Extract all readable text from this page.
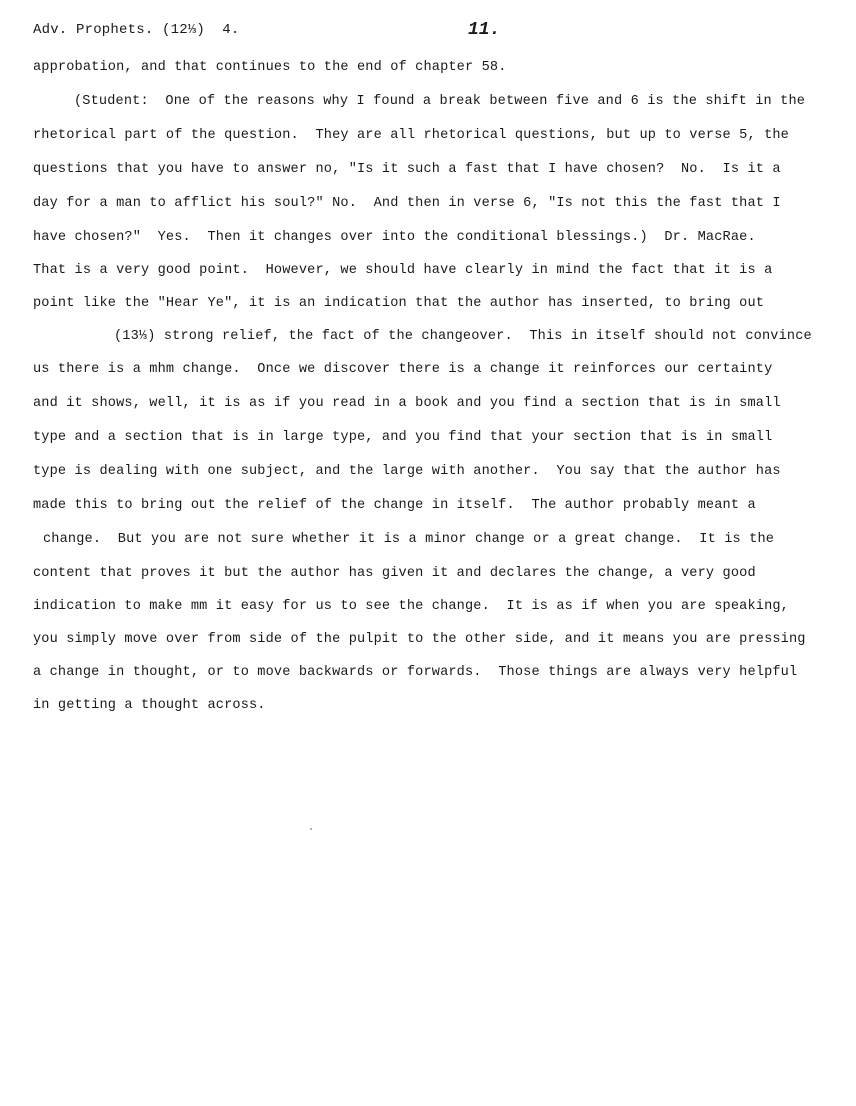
Adv. Prophets. (12⅓)  4.	11.
approbation, and that continues to the end of chapter 58.
(Student:  One of the reasons why I found a break between five and 6 is the shift in the
rhetorical part of the question.  They are all rhetorical questions, but up to verse 5, the
questions that you have to answer no, "Is it such a fast that I have chosen?  No.  Is it a
day for a man to afflict his soul?" No.  And then in verse 6, "Is not this the fast that I
have chosen?"  Yes.  Then it changes over into the conditional blessings.)  Dr. MacRae.
That is a very good point.  However, we should have clearly in mind the fact that it is a
point like the "Hear Ye", it is an indication that the author has inserted, to bring out
(13⅓) strong relief, the fact of the changeover.  This in itself should not convince
us there is a mhm change.  Once we discover there is a change it reinforces our certainty
and it shows, well, it is as if you read in a book and you find a section that is in small
type and a section that is in large type, and you find that your section that is in small
type is dealing with one subject, and the large with another.  You say that the author has
made this to bring out the relief of the change in itself.  The author probably meant a
change.  But you are not sure whether it is a minor change or a great change.  It is the
content that proves it but the author has given it and declares the change, a very good
indication to make mm it easy for us to see the change.  It is as if when you are speaking,
you simply move over from side of the pulpit to the other side, and it means you are pressing
a change in thought, or to move backwards or forwards.  Those things are always very helpful
in getting a thought across.
